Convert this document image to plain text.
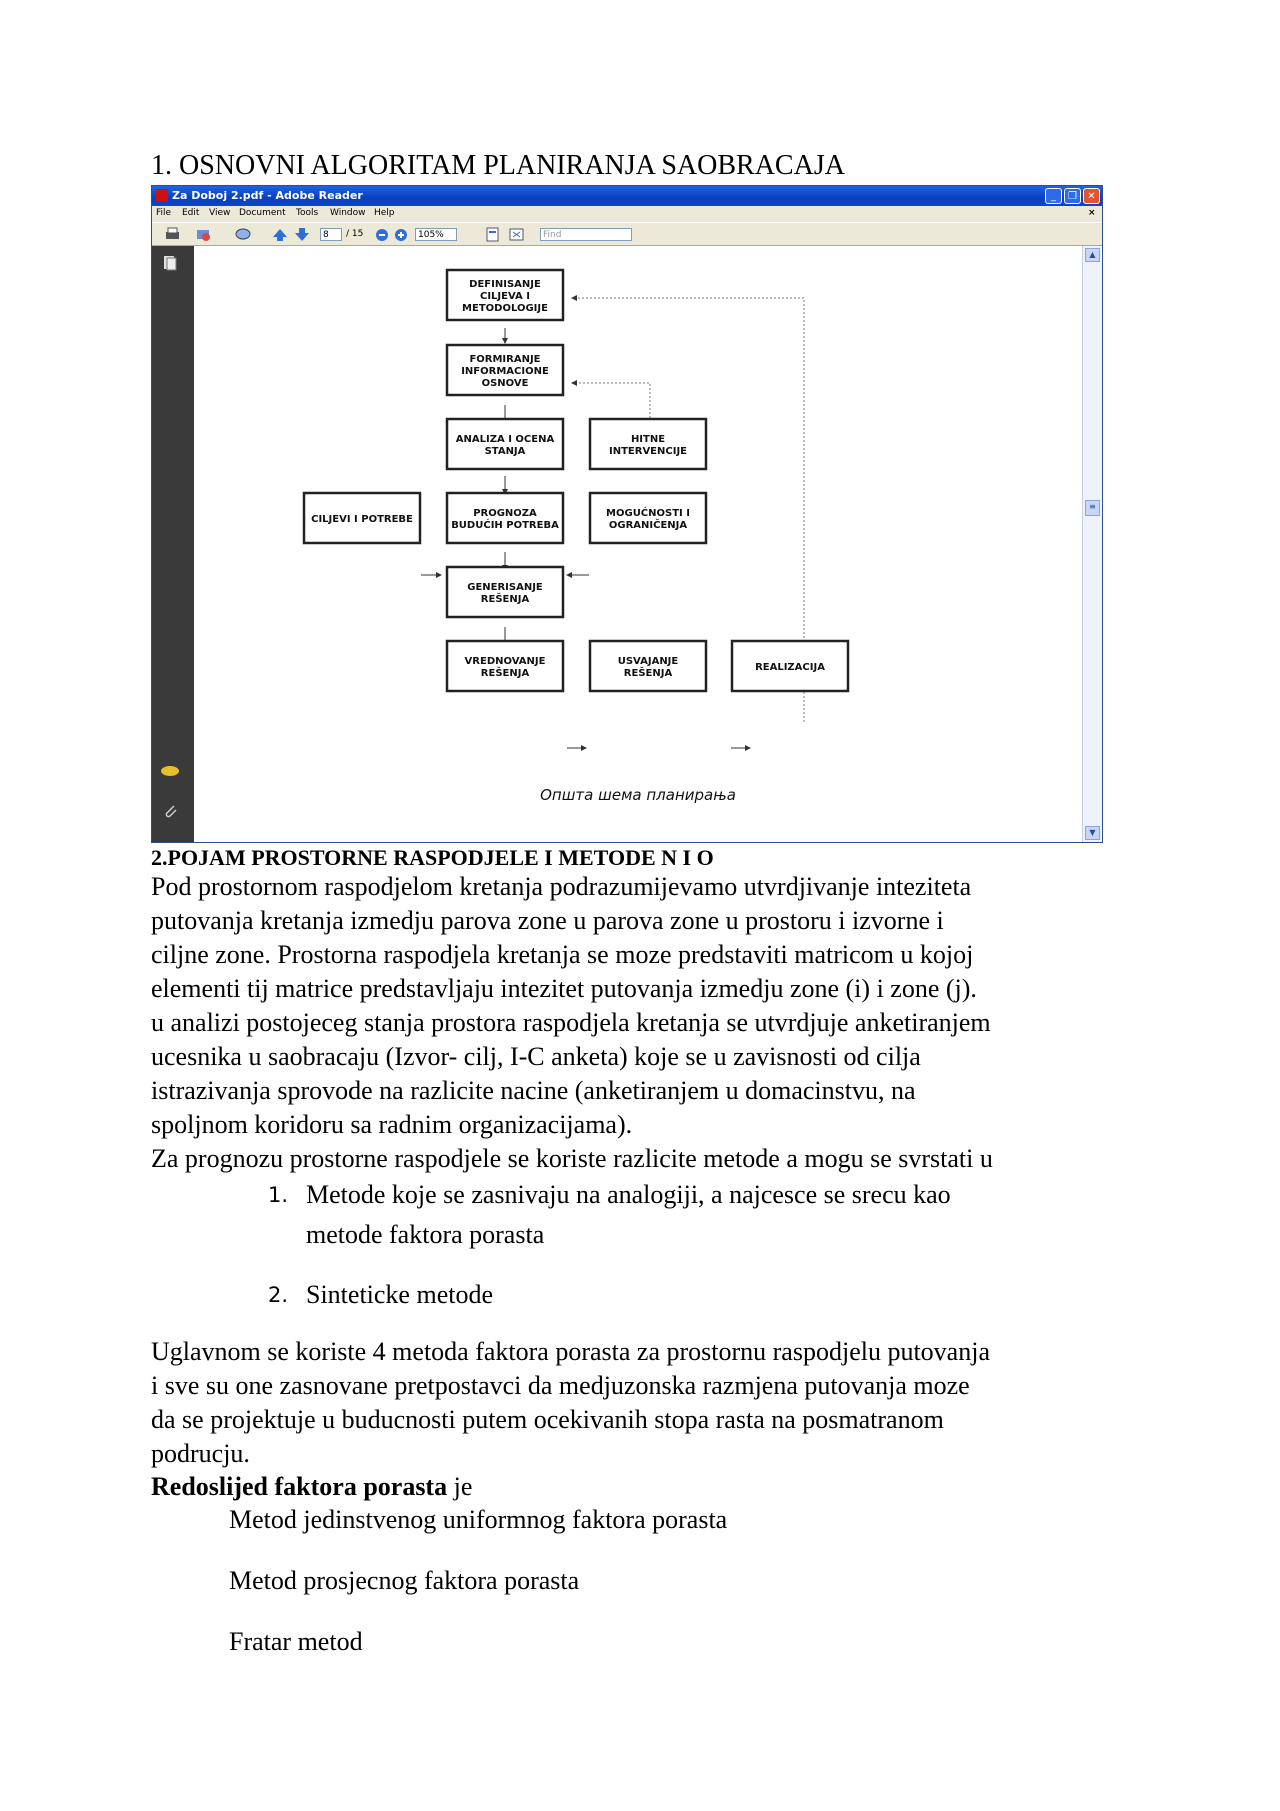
1. OSNOVNI ALGORITAM PLANIRANJA SAOBRACAJA
Za Doboj 2.pdf - Adobe Reader	_	❐	✕
File Edit View Document Tools Window Help	×
8	/ 15	105%	Find
DEFINISANJE
CILJEVA I
METODOLOGIJE
FORMIRANJE
INFORMACIONE
OSNOVE
ANALIZA I OCENA
STANJA
HITNE
INTERVENCIJE
CILJEVI I POTREBE
PROGNOZA
BUDUĆIH POTREBA
MOGUĆNOSTI I
OGRANIČENJA
GENERISANJE
REŠENJA
VREDNOVANJE
REŠENJA
USVAJANJE
REŠENJA
REALIZACIJA
Општа шема планирања
▲
≡
▼
2.POJAM PROSTORNE RASPODJELE I METODE N I O

Pod prostornom raspodjelom kretanja podrazumijevamo utvrdjivanje inteziteta

putovanja kretanja izmedju parova zone u parova zone u prostoru i izvorne i

ciljne zone. Prostorna raspodjela kretanja se moze predstaviti matricom u kojoj

elementi tij matrice predstavljaju intezitet putovanja izmedju zone (i) i zone (j).

u analizi postojeceg stanja prostora raspodjela kretanja se utvrdjuje anketiranjem

ucesnika u saobracaju (Izvor- cilj, I-C anketa) koje se u zavisnosti od cilja

istrazivanja sprovode na razlicite nacine (anketiranjem u domacinstvu, na

spoljnom koridoru sa radnim organizacijama).

Za prognozu prostorne raspodjele se koriste razlicite metode a mogu se svrstati u

1. Metode koje se zasnivaju na analogiji, a najcesce se srecu kao
metode faktora porasta
2. Sinteticke metode

Uglavnom se koriste 4 metoda faktora porasta za prostornu raspodjelu putovanja

i sve su one zasnovane pretpostavci da medjuzonska razmjena putovanja moze

da se projektuje u buducnosti putem ocekivanih stopa rasta na posmatranom

podrucju.

Redoslijed faktora porasta je
Metod jedinstvenog uniformnog faktora porasta
Metod prosjecnog faktora porasta
Fratar metod
